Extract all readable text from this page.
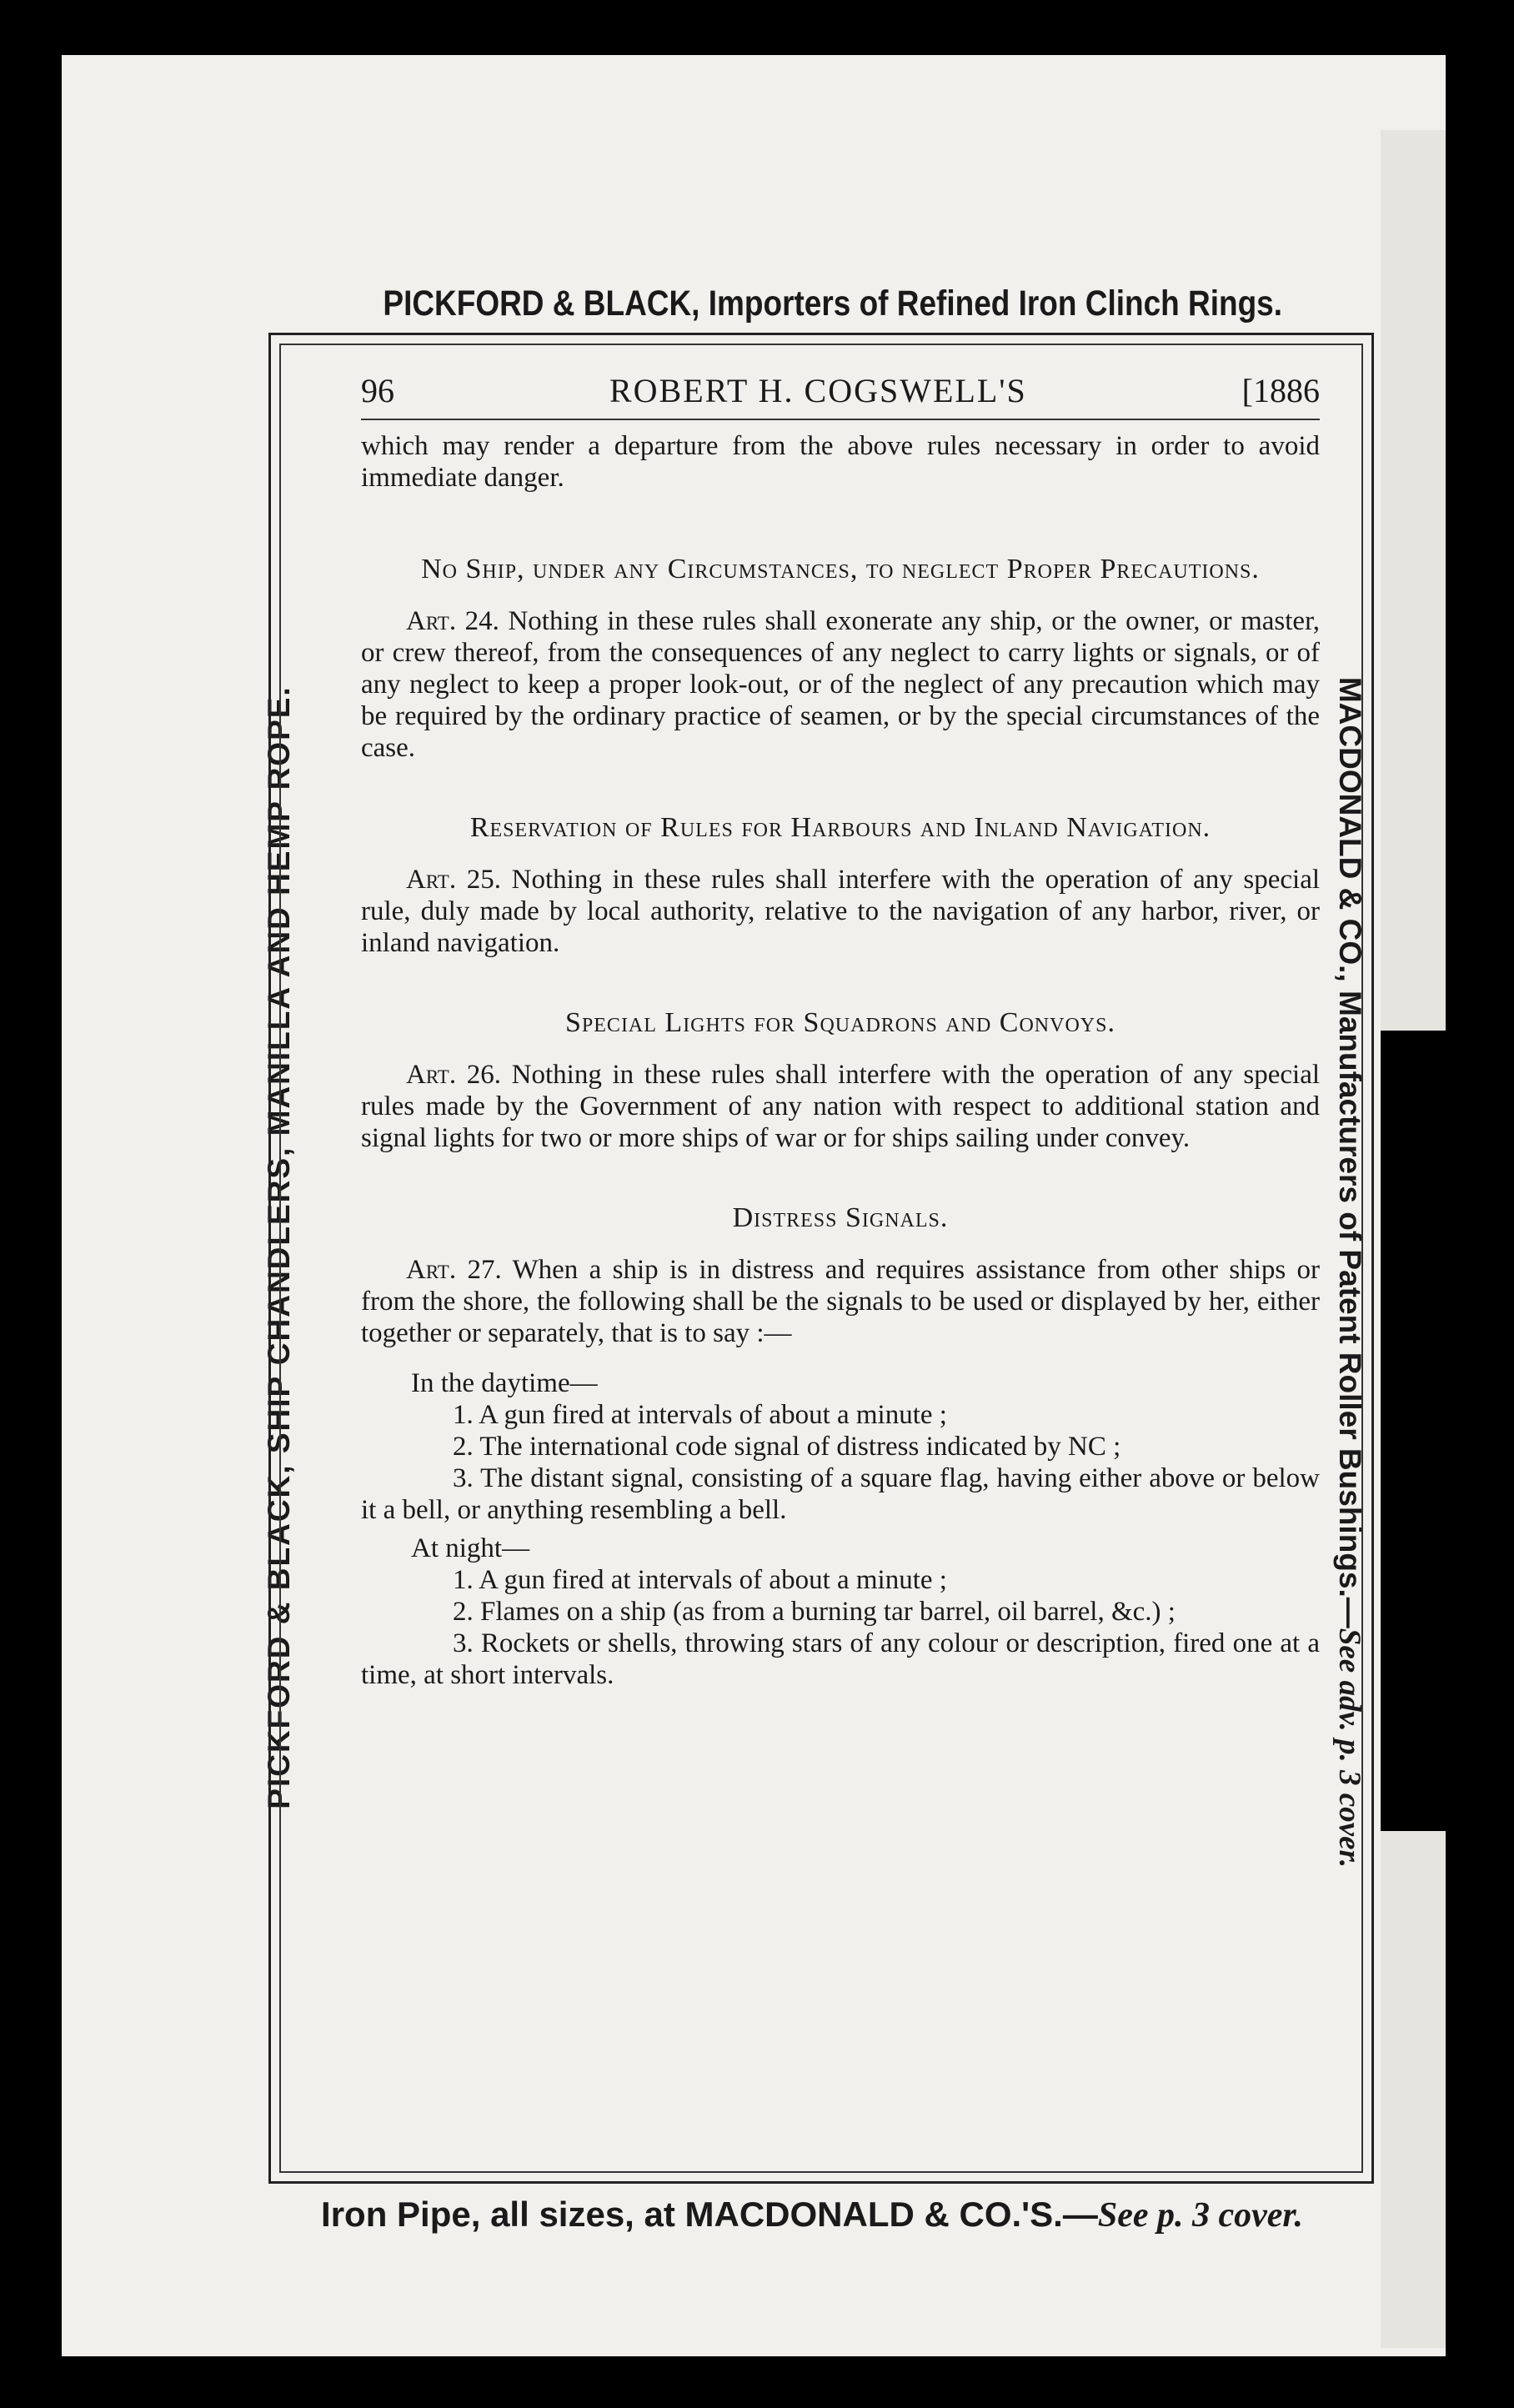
PICKFORD & BLACK, Importers of Refined Iron Clinch Rings.
PICKFORD & BLACK, SHIP CHANDLERS, MANILLA AND HEMP ROPE.	MACDONALD & CO., Manufacturers of Patent Roller Bushings.—See adv. p. 3 cover.
96	ROBERT H. COGSWELL'S	[1886

which may render a departure from the above rules necessary in order to avoid immediate danger.

No Ship, under any Circumstances, to neglect Proper Precautions.

Art. 24. Nothing in these rules shall exonerate any ship, or the owner, or master, or crew thereof, from the consequences of any neglect to carry lights or signals, or of any neglect to keep a proper look-out, or of the neglect of any precaution which may be required by the ordinary practice of seamen, or by the special circumstances of the case.

Reservation of Rules for Harbours and Inland Navigation.

Art. 25. Nothing in these rules shall interfere with the operation of any special rule, duly made by local authority, relative to the navigation of any harbor, river, or inland navigation.

Special Lights for Squadrons and Convoys.

Art. 26. Nothing in these rules shall interfere with the operation of any special rules made by the Government of any nation with respect to additional station and signal lights for two or more ships of war or for ships sailing under convey.

Distress Signals.

Art. 27. When a ship is in distress and requires assistance from other ships or from the shore, the following shall be the signals to be used or displayed by her, either together or separately, that is to say :—

In the daytime—
1. A gun fired at intervals of about a minute ;
2. The international code signal of distress indicated by NC ;
3. The distant signal, consisting of a square flag, having either above or below it a bell, or anything resembling a bell.
At night—
1. A gun fired at intervals of about a minute ;
2. Flames on a ship (as from a burning tar barrel, oil barrel, &c.) ;
3. Rockets or shells, throwing stars of any colour or description, fired one at a time, at short intervals.
Iron Pipe, all sizes, at MACDONALD & CO.'S.—See p. 3 cover.
